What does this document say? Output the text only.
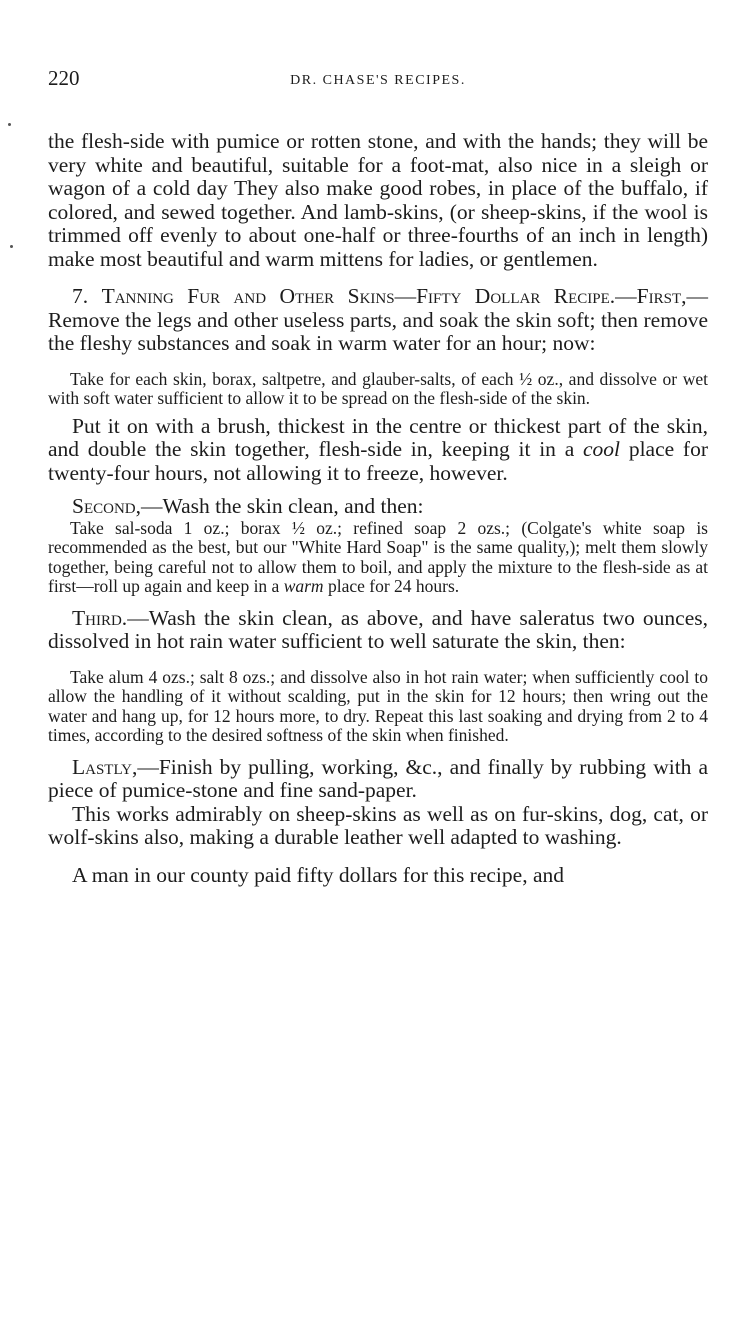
220	DR. CHASE'S RECIPES.

the flesh-side with pumice or rotten stone, and with the hands; they will be very white and beautiful, suitable for a foot-mat, also nice in a sleigh or wagon of a cold day They also make good robes, in place of the buffalo, if colored, and sewed together. And lamb-skins, (or sheep-skins, if the wool is trimmed off evenly to about one-half or three-fourths of an inch in length) make most beautiful and warm mittens for ladies, or gentlemen.

7. Tanning Fur and Other Skins—Fifty Dollar Recipe.—First,—Remove the legs and other useless parts, and soak the skin soft; then remove the fleshy substances and soak in warm water for an hour; now:

Take for each skin, borax, saltpetre, and glauber-salts, of each ½ oz., and dissolve or wet with soft water sufficient to allow it to be spread on the flesh-side of the skin.

Put it on with a brush, thickest in the centre or thickest part of the skin, and double the skin together, flesh-side in, keeping it in a cool place for twenty-four hours, not allowing it to freeze, however.

Second,—Wash the skin clean, and then:

Take sal-soda 1 oz.; borax ½ oz.; refined soap 2 ozs.; (Colgate's white soap is recommended as the best, but our "White Hard Soap" is the same quality,); melt them slowly together, being careful not to allow them to boil, and apply the mixture to the flesh-side as at first—roll up again and keep in a warm place for 24 hours.

Third.—Wash the skin clean, as above, and have saleratus two ounces, dissolved in hot rain water sufficient to well saturate the skin, then:

Take alum 4 ozs.; salt 8 ozs.; and dissolve also in hot rain water; when sufficiently cool to allow the handling of it without scalding, put in the skin for 12 hours; then wring out the water and hang up, for 12 hours more, to dry. Repeat this last soaking and drying from 2 to 4 times, according to the desired softness of the skin when finished.

Lastly,—Finish by pulling, working, &c., and finally by rubbing with a piece of pumice-stone and fine sand-paper.

This works admirably on sheep-skins as well as on fur-skins, dog, cat, or wolf-skins also, making a durable leather well adapted to washing.

A man in our county paid fifty dollars for this recipe, and
